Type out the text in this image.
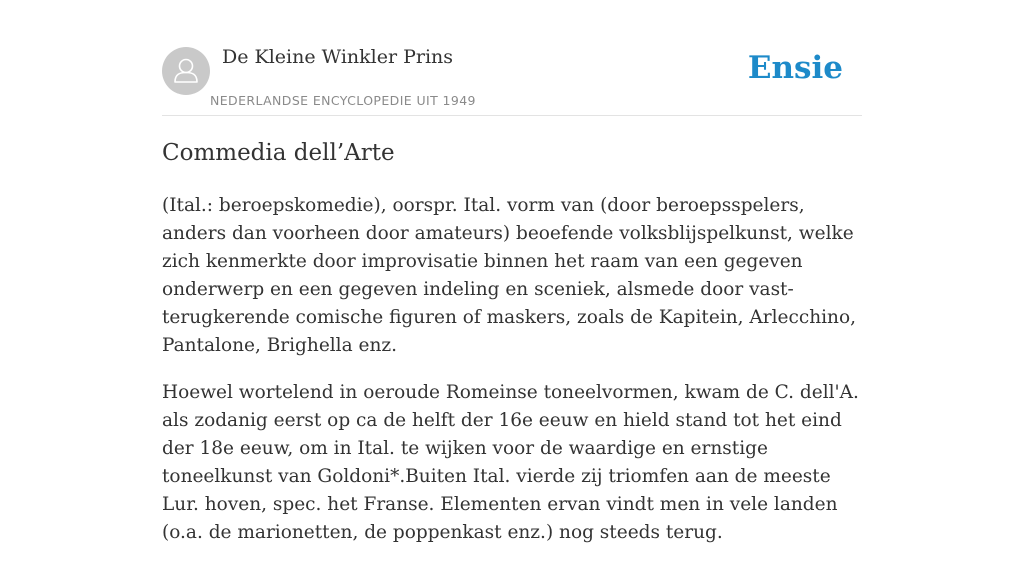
De Kleine Winkler Prins
NEDERLANDSE ENCYCLOPEDIE UIT 1949
Ensie
Commedia dell’Arte

(Ital.: beroepskomedie), oorspr. Ital. vorm van (door beroepsspelers, anders dan voorheen door amateurs) beoefende volksblijspelkunst, welke zich kenmerkte door improvisatie binnen het raam van een gegeven onderwerp en een gegeven indeling en sceniek, alsmede door vast-terugkerende comische figuren of maskers, zoals de Kapitein, Arlecchino, Pantalone, Brighella enz.

Hoewel wortelend in oeroude Romeinse toneelvormen, kwam de C. dell'A. als zodanig eerst op ca de helft der 16e eeuw en hield stand tot het eind der 18e eeuw, om in Ital. te wijken voor de waardige en ernstige toneelkunst van Goldoni*.Buiten Ital. vierde zij triomfen aan de meeste Lur. hoven, spec. het Franse. Elementen ervan vindt men in vele landen (o.a. de marionetten, de poppenkast enz.) nog steeds terug.
